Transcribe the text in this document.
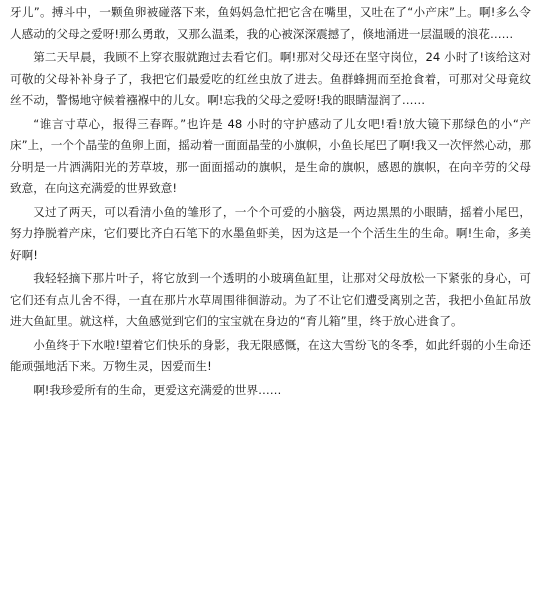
牙儿”。搏斗中，一颗鱼卵被碰落下来，鱼妈妈急忙把它含在嘴里，又吐在了“小产床”上。啊!多么令人感动的父母之爱呀!那么勇敢，又那么温柔，我的心被深深震撼了，倏地涌进一层温暖的浪花……

第二天早晨，我顾不上穿衣服就跑过去看它们。啊!那对父母还在坚守岗位，24 小时了!该给这对可敬的父母补补身子了，我把它们最爱吃的红丝虫放了进去。鱼群蜂拥而至抢食着，可那对父母竟纹丝不动，警惕地守候着襁褓中的儿女。啊!忘我的父母之爱呀!我的眼睛湿润了……

“谁言寸草心，报得三春晖。”也许是 48 小时的守护感动了儿女吧!看!放大镜下那绿色的小“产床”上，一个个晶莹的鱼卵上面，摇动着一面面晶莹的小旗帜，小鱼长尾巴了啊!我又一次怦然心动，那分明是一片洒满阳光的芳草坡，那一面面摇动的旗帜，是生命的旗帜，感恩的旗帜，在向辛劳的父母致意，在向这充满爱的世界致意!

又过了两天，可以看清小鱼的雏形了，一个个可爱的小脑袋，两边黑黑的小眼睛，摇着小尾巴，努力挣脱着产床，它们要比齐白石笔下的水墨鱼虾美，因为这是一个个活生生的生命。啊!生命，多美好啊!

我轻轻摘下那片叶子，将它放到一个透明的小玻璃鱼缸里，让那对父母放松一下紧张的身心，可它们还有点儿舍不得，一直在那片水草周围徘徊游动。为了不让它们遭受离别之苦，我把小鱼缸吊放进大鱼缸里。就这样，大鱼感觉到它们的宝宝就在身边的“育儿箱”里，终于放心进食了。

小鱼终于下水啦!望着它们快乐的身影，我无限感慨，在这大雪纷飞的冬季，如此纤弱的小生命还能顽强地活下来。万物生灵，因爱而生!

啊!我珍爱所有的生命，更爱这充满爱的世界……
